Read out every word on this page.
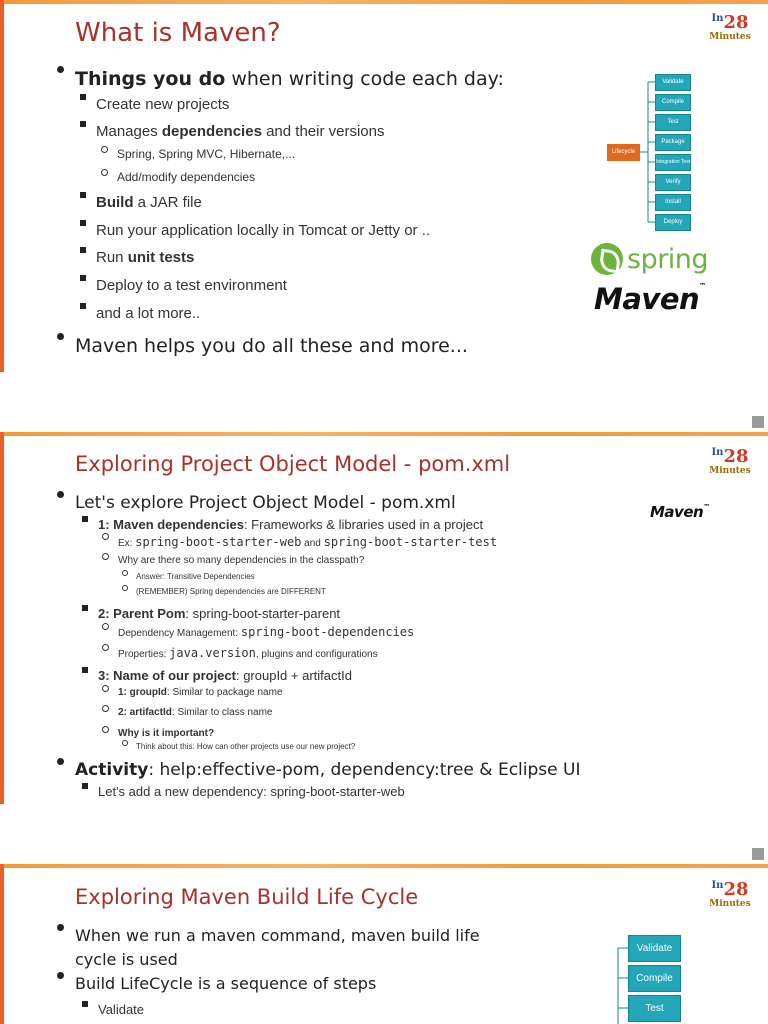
What is Maven?	$^{In}$28
Minutes
Things you do when writing code each day:
Create new projects
Manages dependencies and their versions
Spring, Spring MVC, Hibernate,...
Add/modify dependencies
Build a JAR file
Run your application locally in Tomcat or Jetty or ..
Run unit tests
Deploy to a test environment
and a lot more..
Maven helps you do all these and more...
Lifecycle
Validate
Compile
Test
Package
Integration Test
Verify
Install
Deploy
spring
Maven™
Exploring Project Object Model - pom.xml	$^{In}$28
Minutes
Maven™
Let's explore Project Object Model - pom.xml
1: Maven dependencies: Frameworks & libraries used in a project
Ex: spring-boot-starter-web and spring-boot-starter-test
Why are there so many dependencies in the classpath?
Answer: Transitive Dependencies
(REMEMBER) Spring dependencies are DIFFERENT
2: Parent Pom: spring-boot-starter-parent
Dependency Management: spring-boot-dependencies
Properties: java.version, plugins and configurations
3: Name of our project: groupId + artifactId
1: groupId: Similar to package name
2: artifactId: Similar to class name
Why is it important?
Think about this: How can other projects use our new project?
Activity: help:effective-pom, dependency:tree & Eclipse UI
Let's add a new dependency: spring-boot-starter-web
Exploring Maven Build Life Cycle	$^{In}$28
Minutes
When we run a maven command, maven build life
cycle is used
Build LifeCycle is a sequence of steps
Validate
Validate
Compile
Test
